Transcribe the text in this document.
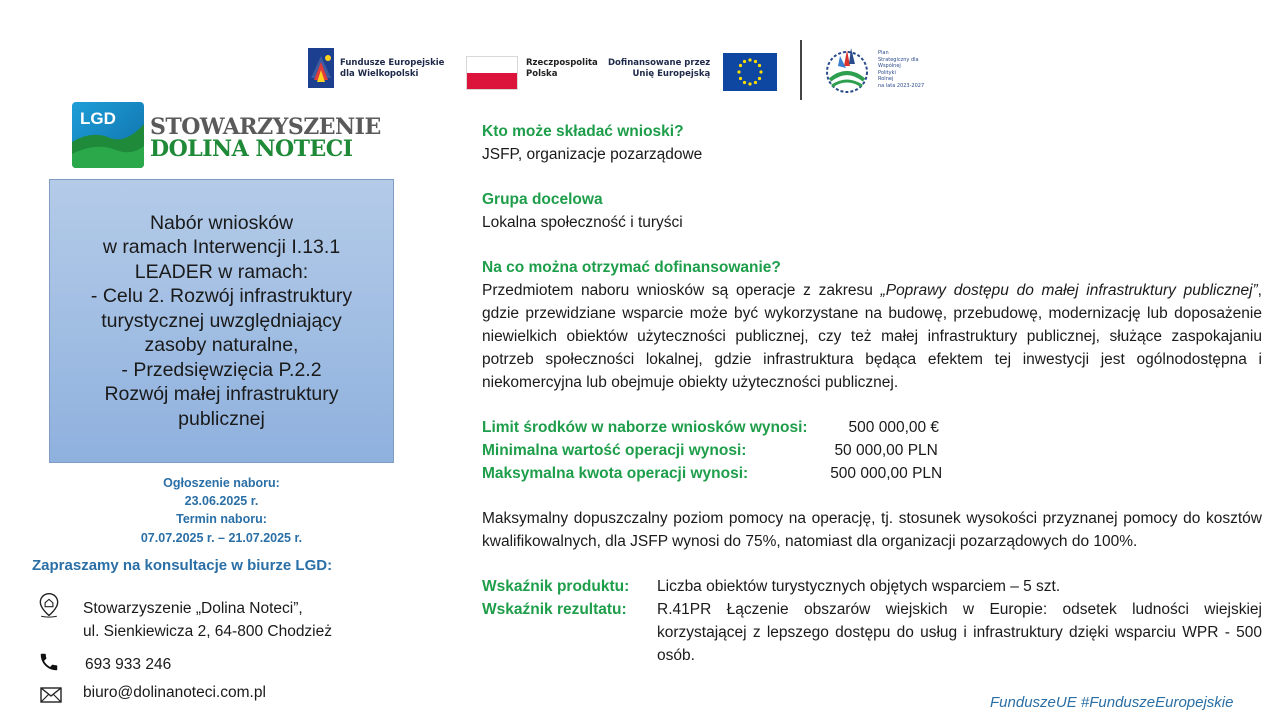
Fundusze Europejskie
dla Wielkopolski
Rzeczpospolita
Polska
Dofinansowane przez
Unię Europejską
Plan
Strategiczny dla
Wspólnej
Polityki
Rolnej
na lata 2023-2027
LGD STOWARZYSZENIE
DOLINA NOTECI
Nabór wniosków
w ramach Interwencji I.13.1
LEADER w ramach:
- Celu 2. Rozwój infrastruktury
turystycznej uwzględniający
zasoby naturalne,
- Przedsięwzięcia P.2.2
Rozwój małej infrastruktury
publicznej
Ogłoszenie naboru:
23.06.2025 r.
Termin naboru:
07.07.2025 r. – 21.07.2025 r.
Zapraszamy na konsultacje w biurze LGD:
Stowarzyszenie „Dolina Noteci”,
ul. Sienkiewicza 2, 64-800 Chodzież
693 933 246
biuro@dolinanoteci.com.pl
Kto może składać wnioski?
JSFP, organizacje pozarządowe
Grupa docelowa
Lokalna społeczność i turyści
Na co można otrzymać dofinansowanie?
Przedmiotem naboru wniosków są operacje z zakresu „Poprawy dostępu do małej infrastruktury publicznej”, gdzie przewidziane wsparcie może być wykorzystane na budowę, przebudowę, modernizację lub doposażenie niewielkich obiektów użyteczności publicznej, czy też małej infrastruktury publicznej, służące zaspokajaniu potrzeb społeczności lokalnej, gdzie infrastruktura będąca efektem tej inwestycji jest ogólnodostępna i niekomercyjna lub obejmuje obiekty użyteczności publicznej.
Limit środków w naborze wniosków wynosi:	500 000,00 €
Minimalna wartość operacji wynosi:	50 000,00 PLN
Maksymalna kwota operacji wynosi:	500 000,00 PLN
Maksymalny dopuszczalny poziom pomocy na operację, tj. stosunek wysokości przyznanej pomocy do kosztów kwalifikowalnych, dla JSFP wynosi do 75%, natomiast dla organizacji pozarządowych do 100%.
Wskaźnik produktu:	Liczba obiektów turystycznych objętych wsparciem – 5 szt.
Wskaźnik rezultatu:	R.41PR Łączenie obszarów wiejskich w Europie: odsetek ludności wiejskiej korzystającej z lepszego dostępu do usług i infrastruktury dzięki wsparciu WPR - 500 osób.
FunduszeUE #FunduszeEuropejskie
